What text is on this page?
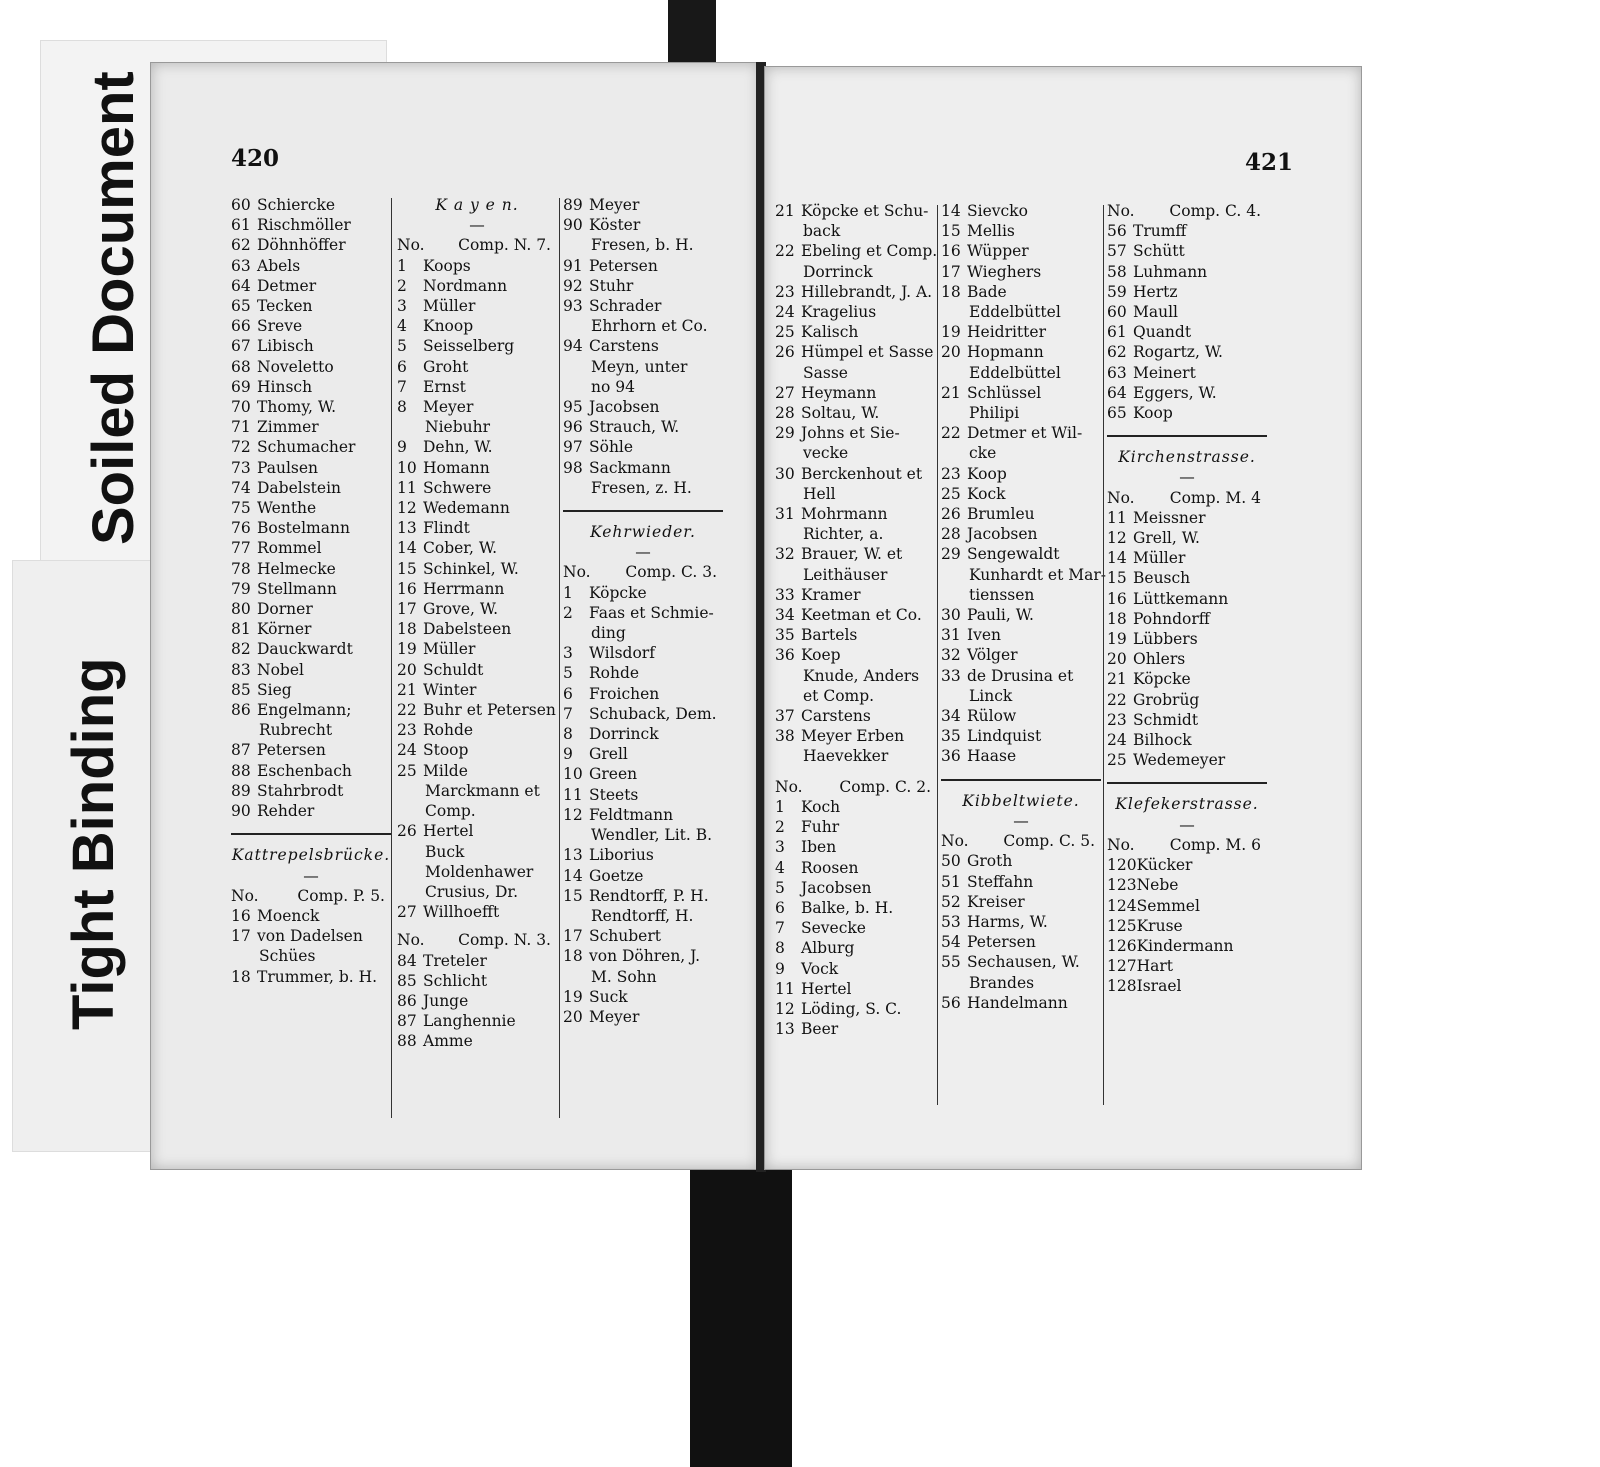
Soiled Document
Tight Binding
420
60 Schiercke
61 Rischmöller
62 Döhnhöffer
63 Abels
64 Detmer
65 Tecken
66 Sreve
67 Libisch
68 Noveletto
69 Hinsch
70 Thomy, W.
71 Zimmer
72 Schumacher
73 Paulsen
74 Dabelstein
75 Wenthe
76 Bostelmann
77 Rommel
78 Helmecke
79 Stellmann
80 Dorner
81 Körner
82 Dauckwardt
83 Nobel
85 Sieg
86 Engelmann;
Rubrecht
87 Petersen
88 Eschenbach
89 Stahrbrodt
90 Rehder
Kattrepelsbrücke.
—
No.	Comp. P. 5.
16 Moenck
17 von Dadelsen
Schües
18 Trummer, b. H.
K a y e n.
—
No. Comp. N. 7.
1 Koops
2 Nordmann
3 Müller
4 Knoop
5 Seisselberg
6 Groht
7 Ernst
8 Meyer
Niebuhr
9 Dehn, W.
10 Homann
11 Schwere
12 Wedemann
13 Flindt
14 Cober, W.
15 Schinkel, W.
16 Herrmann
17 Grove, W.
18 Dabelsteen
19 Müller
20 Schuldt
21 Winter
22 Buhr et Petersen
23 Rohde
24 Stoop
25 Milde
Marckmann et
Comp.
26 Hertel
Buck
Moldenhawer
Crusius, Dr.
27 Willhoefft
No. Comp. N. 3.
84 Treteler
85 Schlicht
86 Junge
87 Langhennie
88 Amme
89 Meyer
90 Köster
Fresen, b. H.
91 Petersen
92 Stuhr
93 Schrader
Ehrhorn et Co.
94 Carstens
Meyn, unter
no 94
95 Jacobsen
96 Strauch, W.
97 Söhle
98 Sackmann
Fresen, z. H.
Kehrwieder.
—
No. Comp. C. 3.
1 Köpcke
2 Faas et Schmie-
ding
3 Wilsdorf
5 Rohde
6 Froichen
7 Schuback, Dem.
8 Dorrinck
9 Grell
10 Green
11 Steets
12 Feldtmann
Wendler, Lit. B.
13 Liborius
14 Goetze
15 Rendtorff, P. H.
Rendtorff, H.
17 Schubert
18 von Döhren, J.
M. Sohn
19 Suck
20 Meyer
421
21 Köpcke et Schu-
back
22 Ebeling et Comp.
Dorrinck
23 Hillebrandt, J. A.
24 Kragelius
25 Kalisch
26 Hümpel et Sasse
Sasse
27 Heymann
28 Soltau, W.
29 Johns et Sie-
vecke
30 Berckenhout et
Hell
31 Mohrmann
Richter, a.
32 Brauer, W. et
Leithäuser
33 Kramer
34 Keetman et Co.
35 Bartels
36 Koep
Knude, Anders
et Comp.
37 Carstens
38 Meyer Erben
Haevekker
No. Comp. C. 2.
1 Koch
2 Fuhr
3 Iben
4 Roosen
5 Jacobsen
6 Balke, b. H.
7 Sevecke
8 Alburg
9 Vock
11 Hertel
12 Löding, S. C.
13 Beer
14 Sievcko
15 Mellis
16 Wüpper
17 Wieghers
18 Bade
Eddelbüttel
19 Heidritter
20 Hopmann
Eddelbüttel
21 Schlüssel
Philipi
22 Detmer et Wil-
cke
23 Koop
25 Kock
26 Brumleu
28 Jacobsen
29 Sengewaldt
Kunhardt et Mar-
tienssen
30 Pauli, W.
31 Iven
32 Völger
33 de Drusina et
Linck
34 Rülow
35 Lindquist
36 Haase
Kibbeltwiete.
—
No. Comp. C. 5.
50 Groth
51 Steffahn
52 Kreiser
53 Harms, W.
54 Petersen
55 Sechausen, W.
Brandes
56 Handelmann
No. Comp. C. 4.
56 Trumff
57 Schütt
58 Luhmann
59 Hertz
60 Maull
61 Quandt
62 Rogartz, W.
63 Meinert
64 Eggers, W.
65 Koop
Kirchenstrasse.
—
No. Comp. M. 4
11 Meissner
12 Grell, W.
14 Müller
15 Beusch
16 Lüttkemann
18 Pohndorff
19 Lübbers
20 Ohlers
21 Köpcke
22 Grobrüg
23 Schmidt
24 Bilhock
25 Wedemeyer
Klefekerstrasse.
—
No. Comp. M. 6
120Kücker
123Nebe
124Semmel
125Kruse
126Kindermann
127Hart
128Israel
